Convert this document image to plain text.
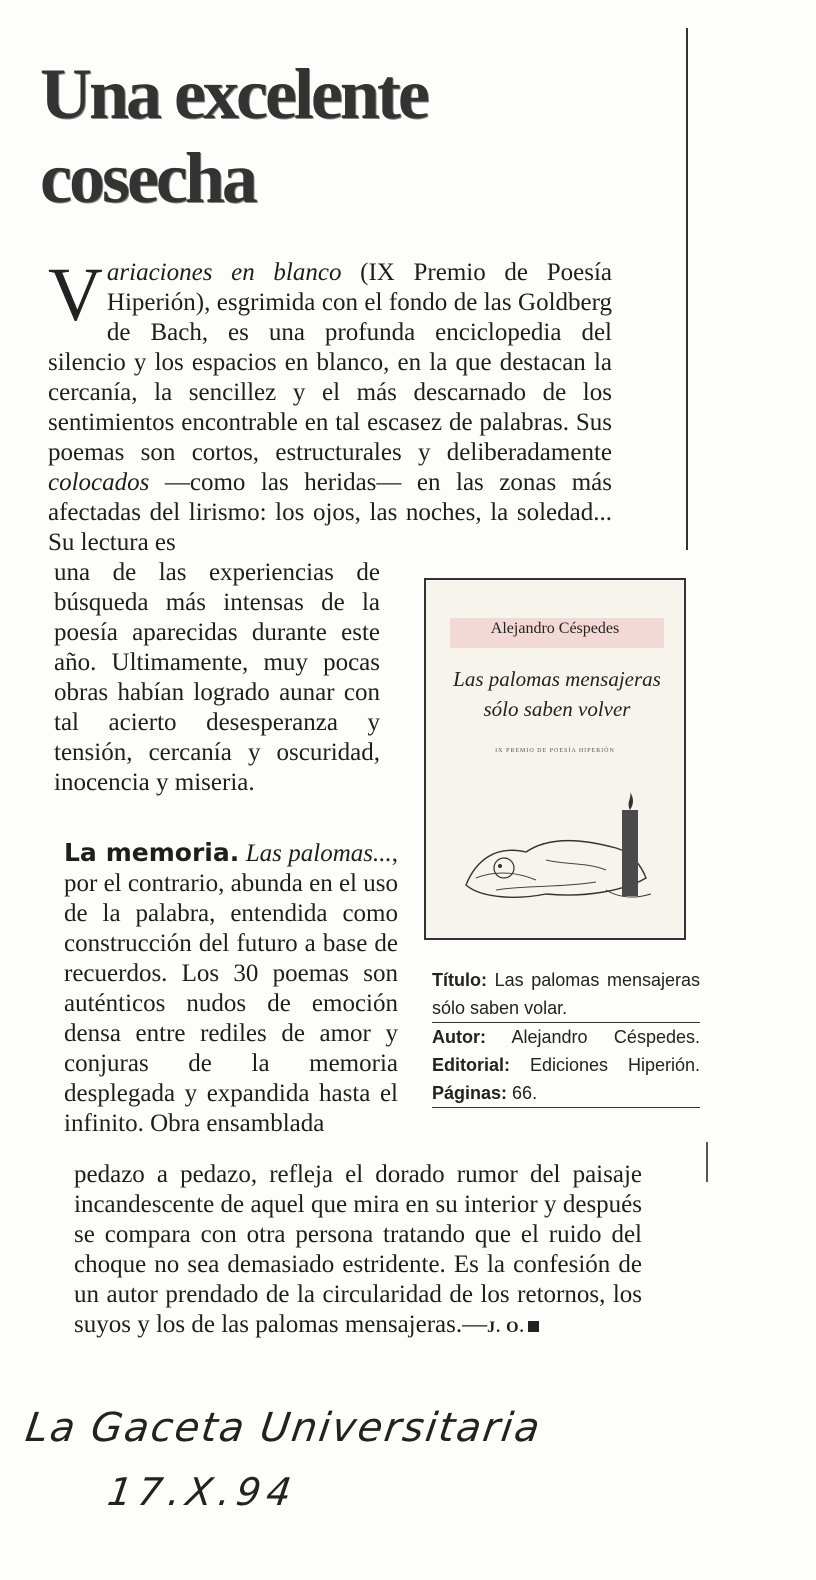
Una excelente
cosecha
Variaciones en blanco (IX Premio de Poesía Hiperión), esgrimida con el fondo de las Goldberg de Bach, es una profunda enciclopedia del silencio y los espacios en blanco, en la que destacan la cercanía, la sencillez y el más descarnado de los sentimientos encontrable en tal escasez de palabras. Sus poemas son cortos, estructurales y deliberadamente colocados —como las heridas— en las zonas más afectadas del lirismo: los ojos, las noches, la soledad... Su lectura es
una de las experiencias de búsqueda más intensas de la poesía aparecidas durante este año. Ultimamente, muy pocas obras habían logrado aunar con tal acierto desesperanza y tensión, cercanía y oscuridad, inocencia y miseria.
La memoria. Las palomas..., por el contrario, abunda en el uso de la palabra, entendida como construcción del futuro a base de recuerdos. Los 30 poemas son auténticos nudos de emoción densa entre rediles de amor y conjuras de la memoria desplegada y expandida hasta el infinito. Obra ensamblada
pedazo a pedazo, refleja el dorado rumor del paisaje incandescente de aquel que mira en su interior y después se compara con otra persona tratando que el ruido del choque no sea demasiado estridente. Es la confesión de un autor prendado de la circularidad de los retornos, los suyos y los de las palomas mensajeras.—J. O.
Alejandro Céspedes
Las palomas mensajeras
sólo saben volver
IX PREMIO DE POESÍA HIPERIÓN
Título: Las palomas mensajeras sólo saben volar.
Autor: Alejandro Céspedes. Editorial: Ediciones Hiperión. Páginas: 66.
La Gaceta Universitaria
17.X.94
